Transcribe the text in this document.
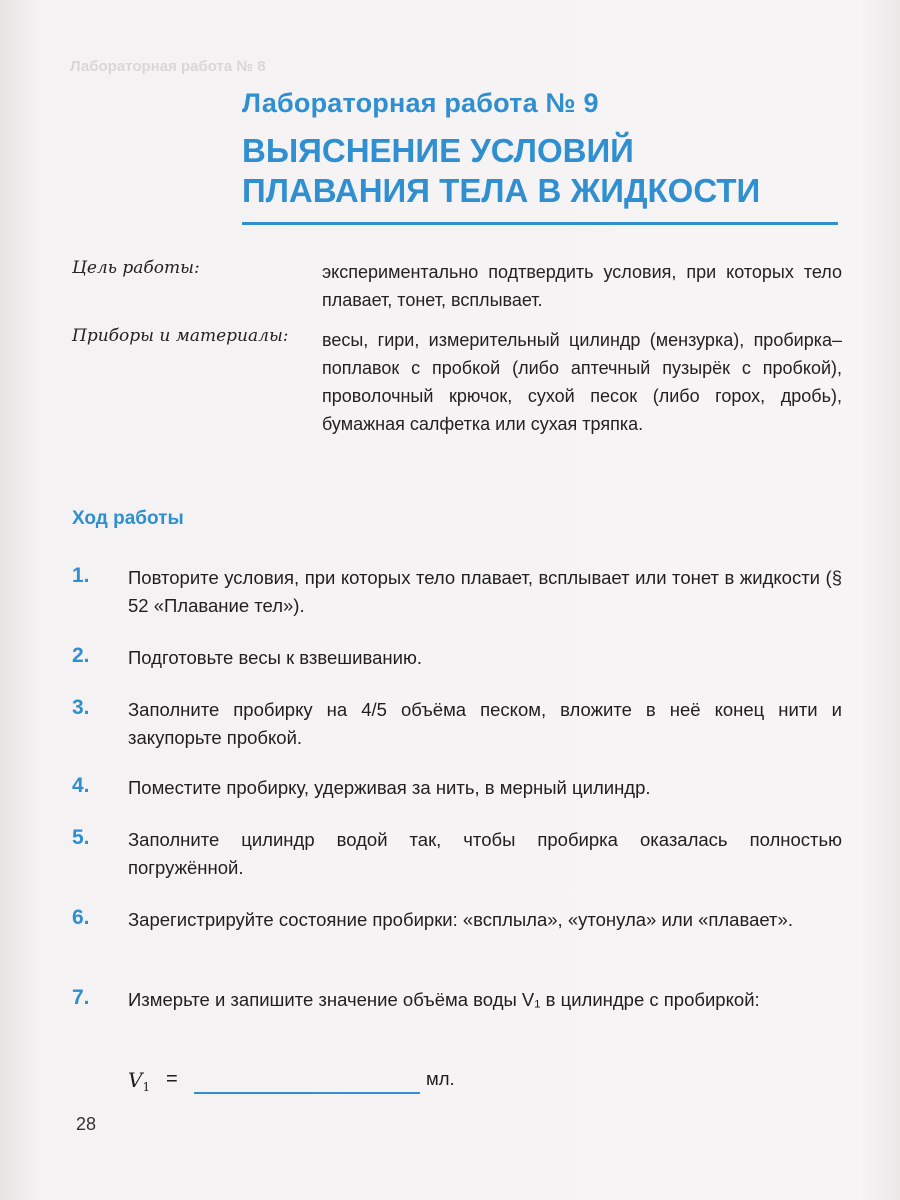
Лабораторная работа № 8
Лабораторная работа № 9
ВЫЯСНЕНИЕ УСЛОВИЙ
ПЛАВАНИЯ ТЕЛА В ЖИДКОСТИ
Цель работы:	экспериментально подтвердить условия, при которых тело плавает, тонет, всплывает.
Приборы и материалы: весы, гири, измерительный цилиндр (мензурка), пробирка–поплавок с пробкой (либо аптечный пузырёк с пробкой), проволочный крючок, сухой песок (либо горох, дробь), бумажная салфетка или сухая тряпка.
Ход работы
1. Повторите условия, при которых тело плавает, всплывает или тонет в жидкости (§ 52 «Плавание тел»).
2. Подготовьте весы к взвешиванию.
3. Заполните пробирку на 4/5 объёма песком, вложите в неё конец нити и закупорьте пробкой.
4. Поместите пробирку, удерживая за нить, в мерный цилиндр.
5. Заполните цилиндр водой так, чтобы пробирка оказалась полностью погружённой.
6. Зарегистрируйте состояние пробирки: «всплыла», «утонула» или «плавает».
7. Измерьте и запишите значение объёма воды V₁ в цилиндре с пробиркой:
$V_1$ =	мл.
28
